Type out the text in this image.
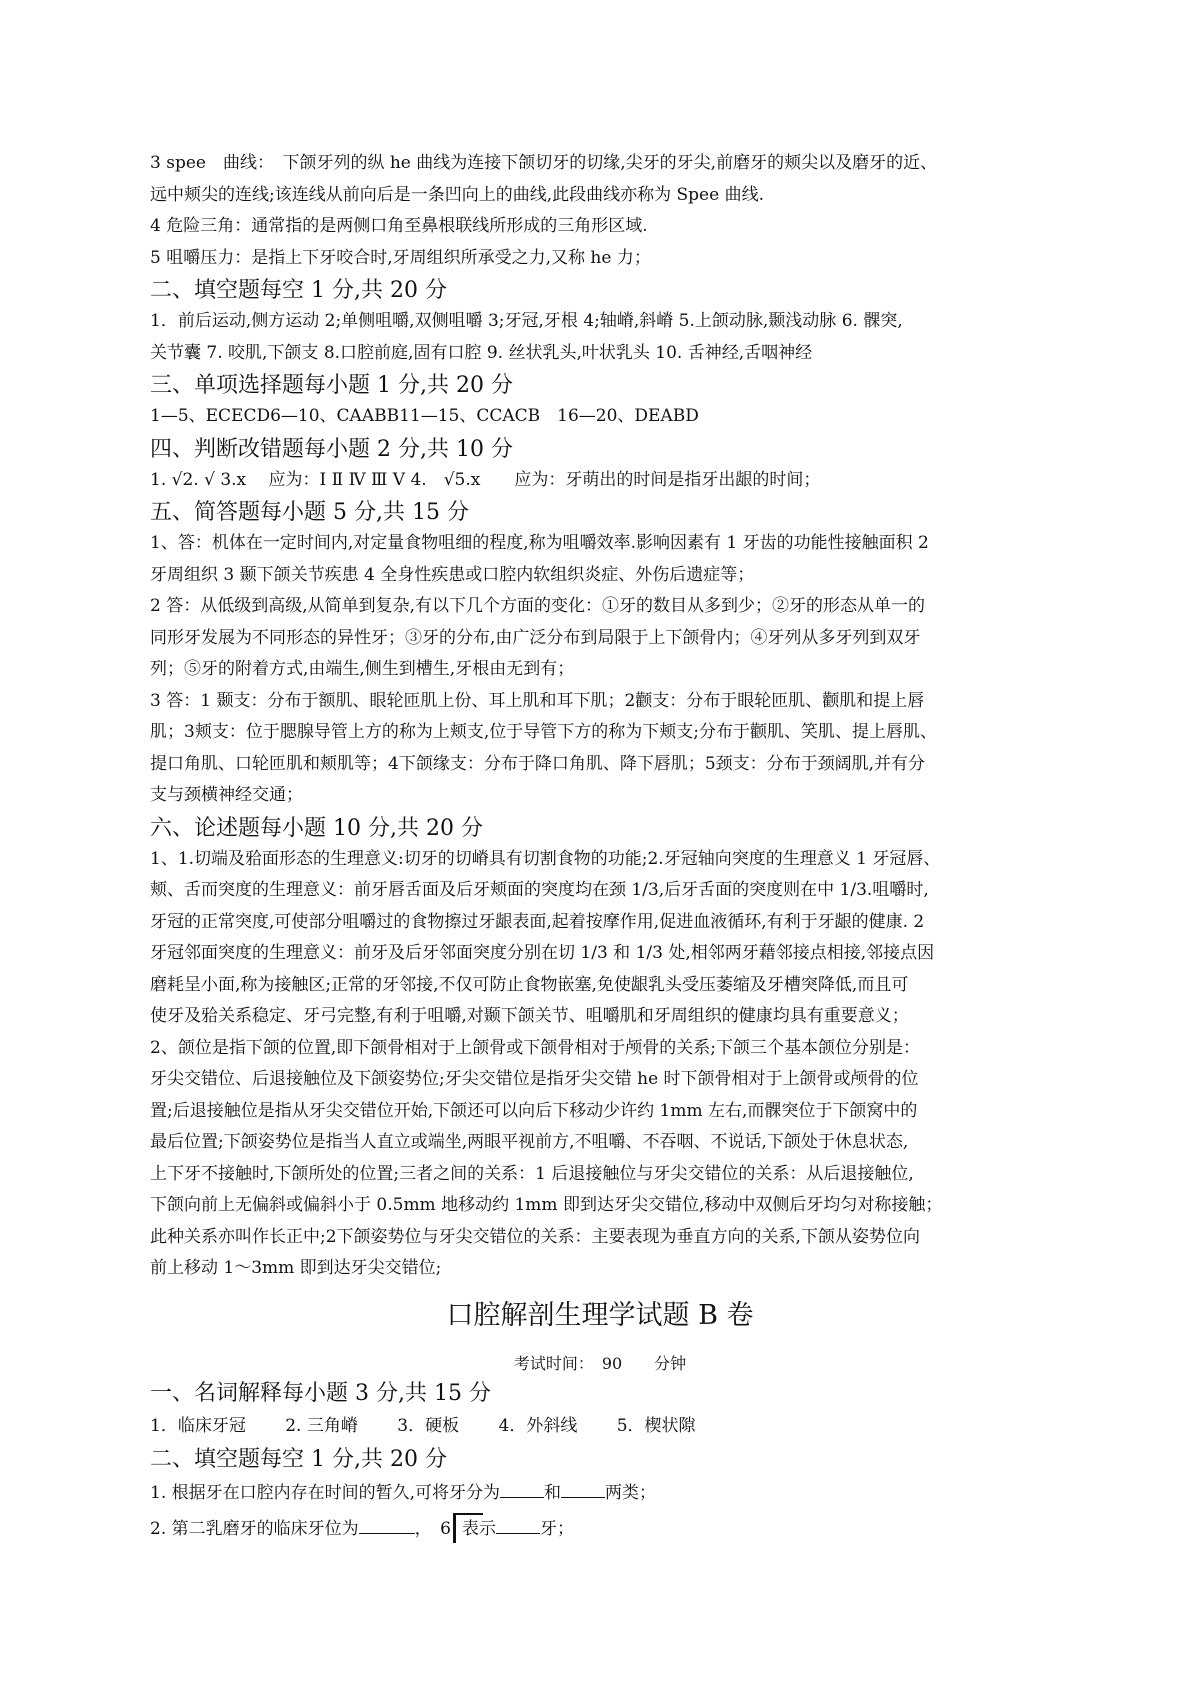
3 spee　曲线：　下颌牙列的纵 he 曲线为连接下颌切牙的切缘,尖牙的牙尖,前磨牙的颊尖以及磨牙的近、

远中颊尖的连线;该连线从前向后是一条凹向上的曲线,此段曲线亦称为 Spee 曲线.

4 危险三角：通常指的是两侧口角至鼻根联线所形成的三角形区域.

5 咀嚼压力：是指上下牙咬合时,牙周组织所承受之力,又称 he 力；

二、填空题每空 1 分,共 20 分

1．前后运动,侧方运动 2;单侧咀嚼,双侧咀嚼 3;牙冠,牙根 4;轴嵴,斜嵴 5.上颌动脉,颞浅动脉 6. 髁突,

关节囊 7. 咬肌,下颌支 8.口腔前庭,固有口腔 9. 丝状乳头,叶状乳头 10. 舌神经,舌咽神经

三、单项选择题每小题 1 分,共 20 分

1—5、ECECD6—10、CAABB11—15、CCACB　16—20、DEABD

四、判断改错题每小题 2 分,共 10 分

1. √2. √ 3.x　 应为：Ⅰ Ⅱ Ⅳ Ⅲ Ⅴ 4.　√5.x　　应为：牙萌出的时间是指牙出龈的时间；

五、简答题每小题 5 分,共 15 分

1、答：机体在一定时间内,对定量食物咀细的程度,称为咀嚼效率.影响因素有 1 牙齿的功能性接触面积 2

牙周组织 3 颞下颌关节疾患 4 全身性疾患或口腔内软组织炎症、外伤后遗症等；

2 答：从低级到高级,从简单到复杂,有以下几个方面的变化：①牙的数目从多到少；②牙的形态从单一的

同形牙发展为不同形态的异性牙；③牙的分布,由广泛分布到局限于上下颌骨内；④牙列从多牙列到双牙

列；⑤牙的附着方式,由端生,侧生到槽生,牙根由无到有；

3 答：1 颞支：分布于额肌、眼轮匝肌上份、耳上肌和耳下肌；2颧支：分布于眼轮匝肌、颧肌和提上唇

肌；3颊支：位于腮腺导管上方的称为上颊支,位于导管下方的称为下颊支;分布于颧肌、笑肌、提上唇肌、

提口角肌、口轮匝肌和颊肌等；4下颌缘支：分布于降口角肌、降下唇肌；5颈支：分布于颈阔肌,并有分

支与颈横神经交通；

六、论述题每小题 10 分,共 20 分

1、1.切端及𬌗面形态的生理意义:切牙的切嵴具有切割食物的功能;2.牙冠轴向突度的生理意义 1 牙冠唇、

颊、舌而突度的生理意义：前牙唇舌面及后牙颊面的突度均在颈 1/3,后牙舌面的突度则在中 1/3.咀嚼时,

牙冠的正常突度,可使部分咀嚼过的食物擦过牙龈表面,起着按摩作用,促进血液循环,有利于牙龈的健康. 2

牙冠邻面突度的生理意义：前牙及后牙邻面突度分别在切 1/3 和 1/3 处,相邻两牙藉邻接点相接,邻接点因

磨耗呈小面,称为接触区;正常的牙邻接,不仅可防止食物嵌塞,免使龈乳头受压萎缩及牙槽突降低,而且可

使牙及𬌗关系稳定、牙弓完整,有利于咀嚼,对颞下颌关节、咀嚼肌和牙周组织的健康均具有重要意义；

2、颌位是指下颌的位置,即下颌骨相对于上颌骨或下颌骨相对于颅骨的关系;下颌三个基本颌位分别是：

牙尖交错位、后退接触位及下颌姿势位;牙尖交错位是指牙尖交错 he 时下颌骨相对于上颌骨或颅骨的位

置;后退接触位是指从牙尖交错位开始,下颌还可以向后下移动少许约 1mm 左右,而髁突位于下颌窝中的

最后位置;下颌姿势位是指当人直立或端坐,两眼平视前方,不咀嚼、不吞咽、不说话,下颌处于休息状态,

上下牙不接触时,下颌所处的位置;三者之间的关系：1 后退接触位与牙尖交错位的关系：从后退接触位,

下颌向前上无偏斜或偏斜小于 0.5mm 地移动约 1mm 即到达牙尖交错位,移动中双侧后牙均匀对称接触；

此种关系亦叫作长正中;2下颌姿势位与牙尖交错位的关系：主要表现为垂直方向的关系,下颌从姿势位向

前上移动 1～3mm 即到达牙尖交错位;

口腔解剖生理学试题 B 卷
考试时间：　90　　分钟
一、名词解释每小题 3 分,共 15 分

1．临床牙冠 2. 三角嵴 3．硬板 4．外斜线 5．楔状隙

二、填空题每空 1 分,共 20 分

1. 根据牙在口腔内存在时间的暂久,可将牙分为	和	两类；

2. 第二乳磨牙的临床牙位为	，　6 表示	牙；
